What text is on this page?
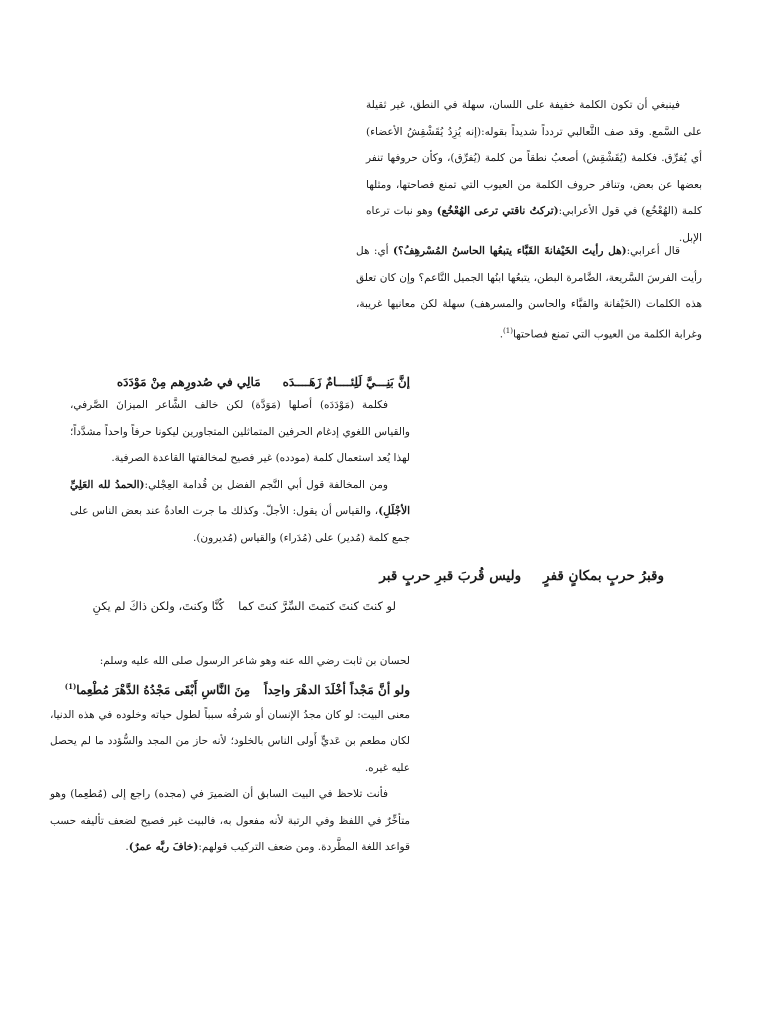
فينبغي أن تكون الكلمة خفيفة على اللسان، سهلة في النطق، غير ثقيلة على السَّمع. وقد صف الثَّعالبي تردداً شديداً بقوله:(إنه يُزِدُ يُقَشْقِشُ الأعضاء) أي يُفرِّق. فكلمة (يُقَشْقِش) أصعبُ نطقاً من كلمة (يُفرِّق)، وكأن حروفها تنفر بعضها عن بعض، وتنافر حروف الكلمة من العيوب التي تمنع فصاحتها، ومثلها كلمة (الهُعْخُع) في قول الأعرابي:(تركتُ ناقتي ترعى الهُعْخُع) وهو نبات ترعاه الإبل.

قال أعرابي:(هل رأيتَ الخَيْفانةَ القَبَّاء يتبعُها الحاسنُ المُسْرهِفُ؟) أي: هل رأيت الفرسَ السَّريعة، الضَّامرة البطن، يتبعُها ابنُها الجميل النَّاعم؟ وإن كان تعلق هذه الكلمات (الخَيْفانة والقبَّاء والحاسن والمسرهف) سهلة لكن معانيها غريبة، وغرابة الكلمة من العيوب التي تمنع فصاحتها$^{(1)}$.

إنَّ بَنِـــيَّ لَلِئــــامٌ زَهَــــدَهمَالِي في صُدورِهم مِنْ مَوْدَدَه

فكلمة (مَوْدَدَه) أصلها (مَوَدَّة) لكن خالف الشَّاعر الميزانَ الصَّرفي، والقياس اللغوي إدغام الحرفين المتماثلين المتجاورين ليكونا حرفاً واحداً مشدَّداً؛ لهذا يُعد استعمال كلمة (مودده) غير فصيح لمخالفتها القاعدة الصرفية.

ومن المخالفة قول أبي النَّجم الفضل بن قُدامة العِجْلي:(الحمدُ لله العَلِيِّ الأجْلَلِ)، والقياس أن يقول: الأجلّ. وكذلك ما جرت العادةُ عند بعض الناس على جمع كلمة (مُدير) على (مُدَراء) والقياس (مُديرون).

وقبرُ حربٍ بمكانٍ قفرٍوليس قُربَ قبرِ حربٍ قبر

لو كنتَ كنتَ كتمتَ السِّرَّ كنتَ كماكُنَّا وكنتَ، ولكن ذاكَ لم يكنِ

لحسان بن ثابت رضي الله عنه وهو شاعر الرسول صلى الله عليه وسلم:

ولو أنَّ مَجْداً أخْلَدَ الدهْرَ واحِداًمِنَ النَّاسِ أَبْقَى مَجْدُهُ الدَّهْرَ مُطْعِما$^{(1)}$

معنى البيت: لو كان مجدُ الإنسان أو شرفُه سبباً لطول حياته وخلوده في هذه الدنيا، لكان مطعم بن عَديٍّ أَولى الناس بالخلود؛ لأنه حاز من المجد والسُّؤدد ما لم يحصل عليه غيره.

فأنت تلاحظ في البيت السابق أن الضميرَ في (مجده) راجع إلى (مُطعِما) وهو متأخِّرٌ في اللفظ وفي الرتبة لأنه مفعول به، فالبيت غير فصيح لضعف تأليفه حسب قواعد اللغة المطَّردة. ومن ضعف التركيب قولهم:(خافَ ربَّه عمرٌ).
